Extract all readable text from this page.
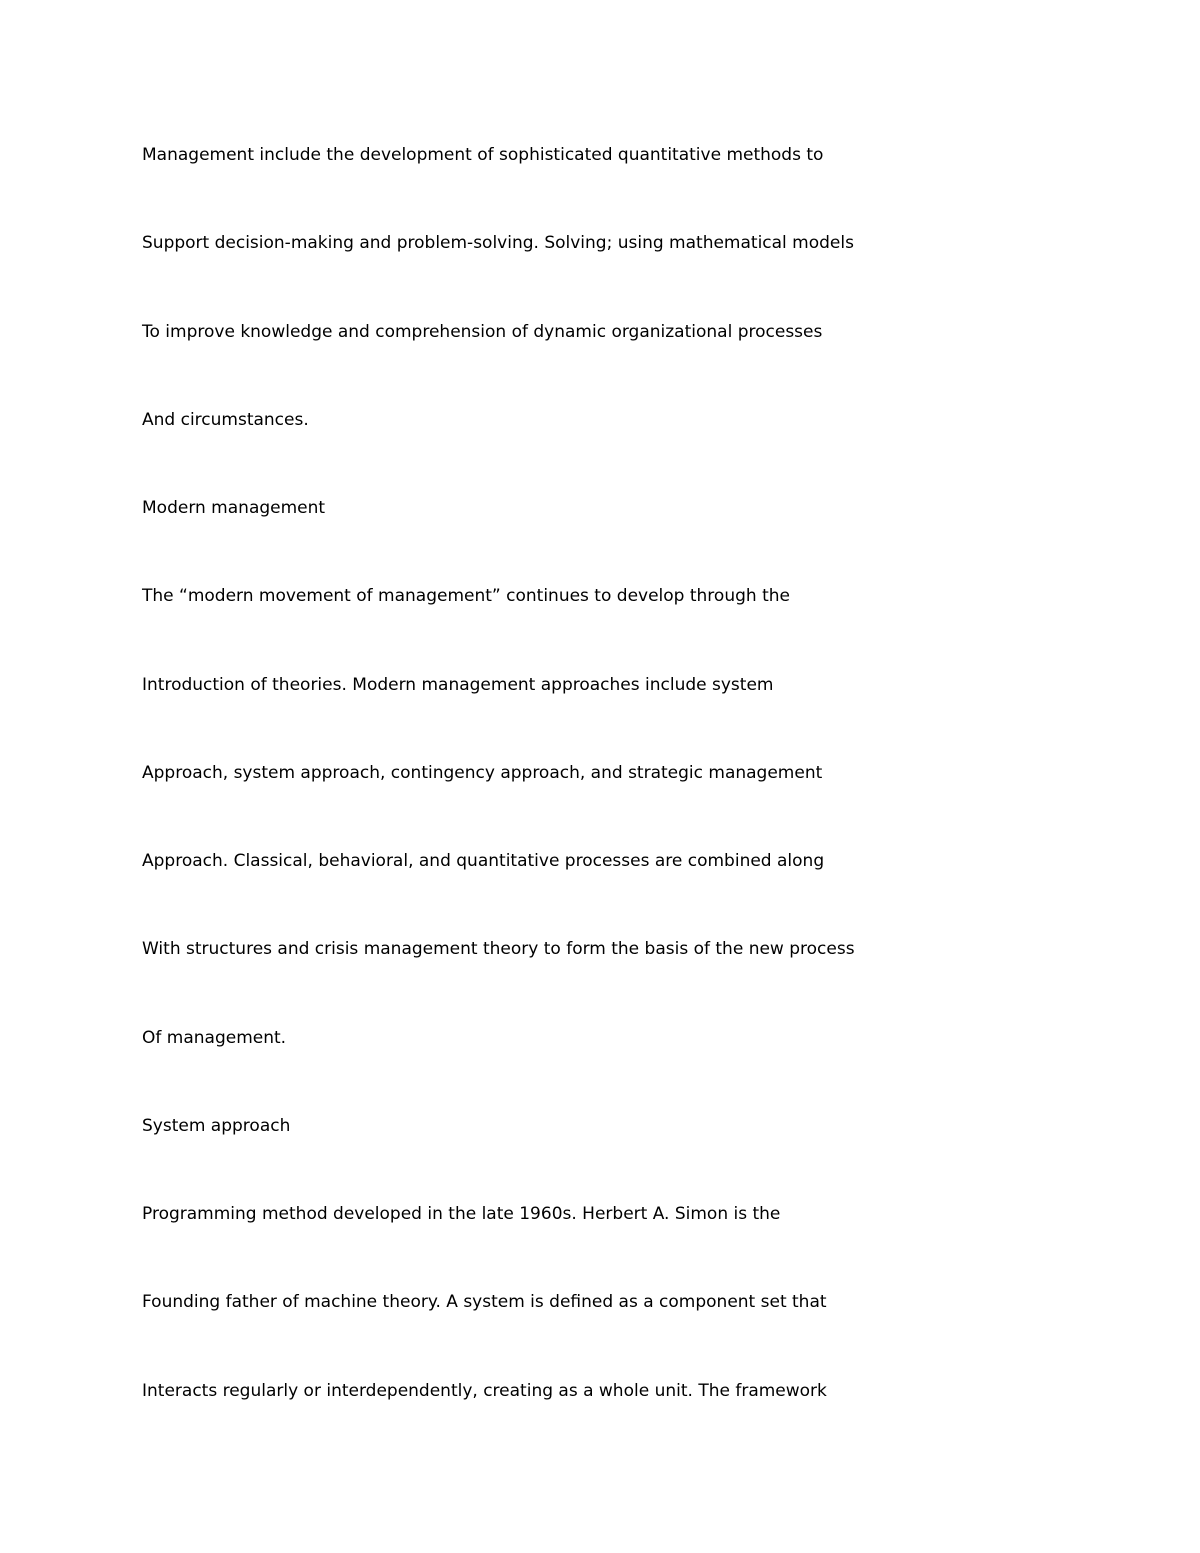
Management include the development of sophisticated quantitative methods to

Support decision-making and problem-solving. Solving; using mathematical models

To improve knowledge and comprehension of dynamic organizational processes

And circumstances.

Modern management

The “modern movement of management” continues to develop through the

Introduction of theories. Modern management approaches include system

Approach, system approach, contingency approach, and strategic management

Approach. Classical, behavioral, and quantitative processes are combined along

With structures and crisis management theory to form the basis of the new process

Of management.

System approach

Programming method developed in the late 1960s. Herbert A. Simon is the

Founding father of machine theory. A system is defined as a component set that

Interacts regularly or interdependently, creating as a whole unit. The framework
